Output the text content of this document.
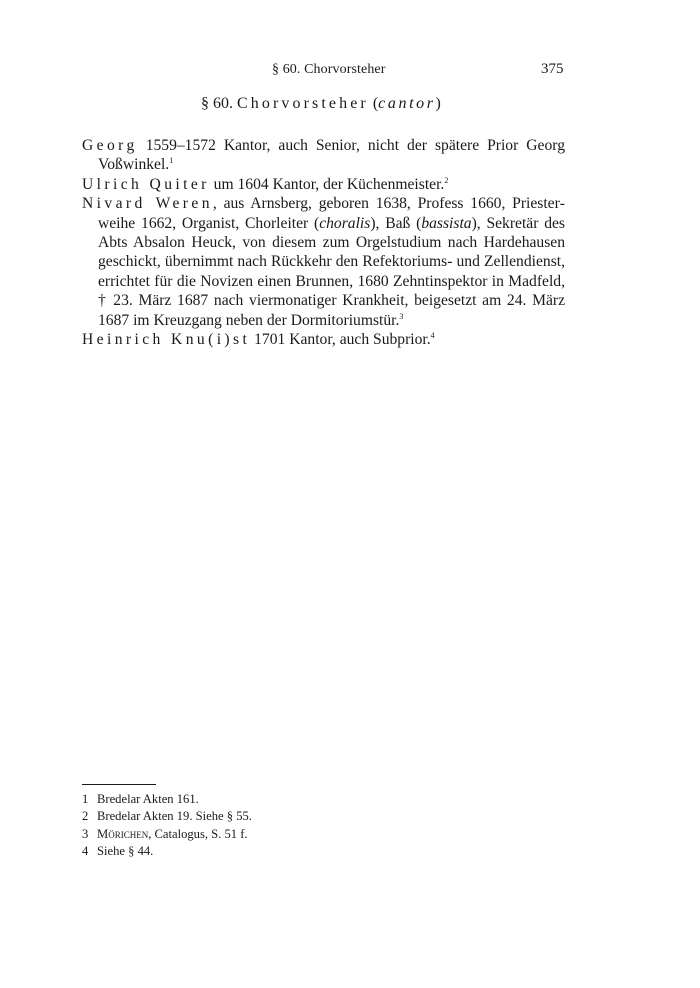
§ 60. Chorvorsteher	375
§ 60. Chorvorsteher (cantor)
Georg 1559–1572 Kantor, auch Senior, nicht der spätere Prior Georg Voßwinkel.$^1$
Ulrich Quiter um 1604 Kantor, der Küchenmeister.$^2$
Nivard Weren, aus Arnsberg, geboren 1638, Profess 1660, Priesterweihe 1662, Organist, Chorleiter (choralis), Baß (bassista), Sekretär des Abts Absalon Heuck, von diesem zum Orgelstudium nach Hardehausen geschickt, übernimmt nach Rückkehr den Refektoriums- und Zellendienst, errichtet für die Novizen einen Brunnen, 1680 Zehntinspektor in Madfeld, † 23. März 1687 nach viermonatiger Krankheit, beigesetzt am 24. März 1687 im Kreuzgang neben der Dormitoriumstür.$^3$
Heinrich Knu(i)st 1701 Kantor, auch Subprior.$^4$
1 Bredelar Akten 161.
2 Bredelar Akten 19. Siehe § 55.
3 Mörichen, Catalogus, S. 51 f.
4 Siehe § 44.
